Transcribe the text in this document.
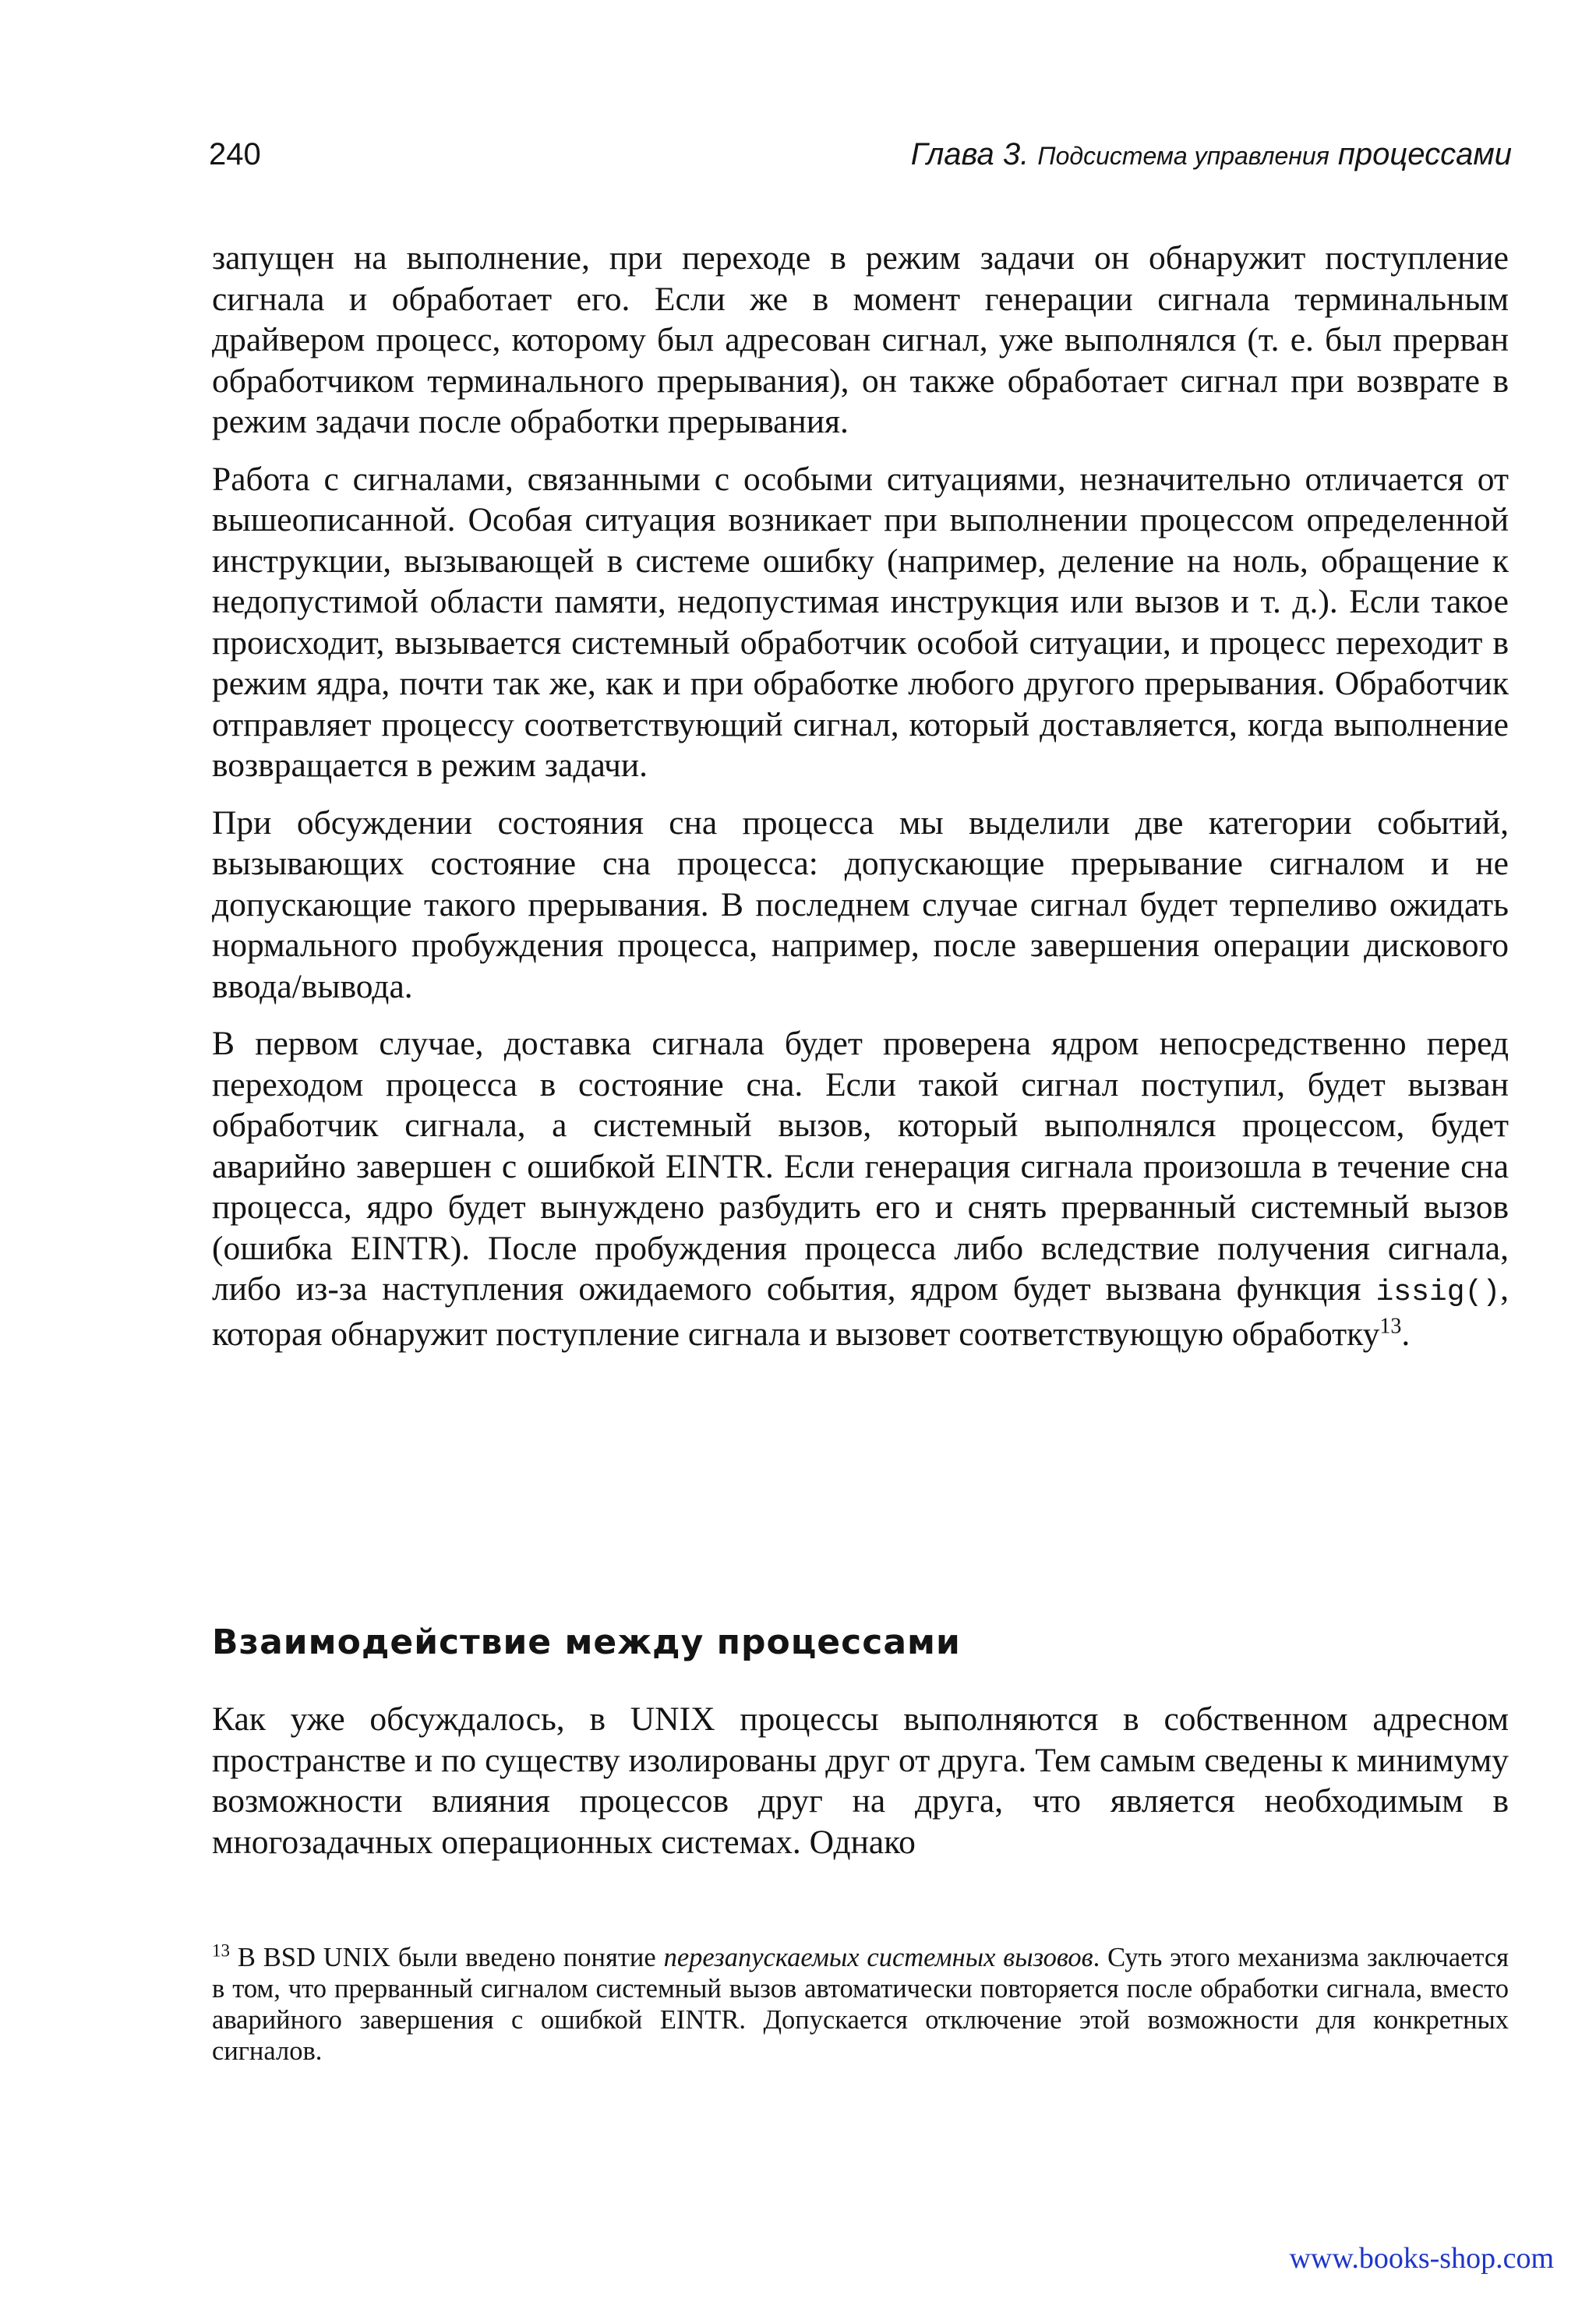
240	Глава 3. Подсистема управления процессами

запущен на выполнение, при переходе в режим задачи он обнаружит поступление сигнала и обработает его. Если же в момент генерации сигнала терминальным драйвером процесс, которому был адресован сигнал, уже выполнялся (т. е. был прерван обработчиком терминального прерывания), он также обработает сигнал при возврате в режим задачи после обработки прерывания.

Работа с сигналами, связанными с особыми ситуациями, незначительно отличается от вышеописанной. Особая ситуация возникает при выполнении процессом определенной инструкции, вызывающей в системе ошибку (например, деление на ноль, обращение к недопустимой области памяти, недопустимая инструкция или вызов и т. д.). Если такое происходит, вызывается системный обработчик особой ситуации, и процесс переходит в режим ядра, почти так же, как и при обработке любого другого прерывания. Обработчик отправляет процессу соответствующий сигнал, который доставляется, когда выполнение возвращается в режим задачи.

При обсуждении состояния сна процесса мы выделили две категории событий, вызывающих состояние сна процесса: допускающие прерывание сигналом и не допускающие такого прерывания. В последнем случае сигнал будет терпеливо ожидать нормального пробуждения процесса, например, после завершения операции дискового ввода/вывода.

В первом случае, доставка сигнала будет проверена ядром непосредственно перед переходом процесса в состояние сна. Если такой сигнал поступил, будет вызван обработчик сигнала, а системный вызов, который выполнялся процессом, будет аварийно завершен с ошибкой EINTR. Если генерация сигнала произошла в течение сна процесса, ядро будет вынуждено разбудить его и снять прерванный системный вызов (ошибка EINTR). После пробуждения процесса либо вследствие получения сигнала, либо из-за наступления ожидаемого события, ядром будет вызвана функция issig(), которая обнаружит поступление сигнала и вызовет соответствующую обработку$^{13}$.

Взаимодействие между процессами

Как уже обсуждалось, в UNIX процессы выполняются в собственном адресном пространстве и по существу изолированы друг от друга. Тем самым сведены к минимуму возможности влияния процессов друг на друга, что является необходимым в многозадачных операционных системах. Однако

$^{13}$ В BSD UNIX были введено понятие перезапускаемых системных вызовов. Суть этого механизма заключается в том, что прерванный сигналом системный вызов автоматически повторяется после обработки сигнала, вместо аварийного завершения с ошибкой EINTR. Допускается отключение этой возможности для конкретных сигналов.

www.books-shop.com
